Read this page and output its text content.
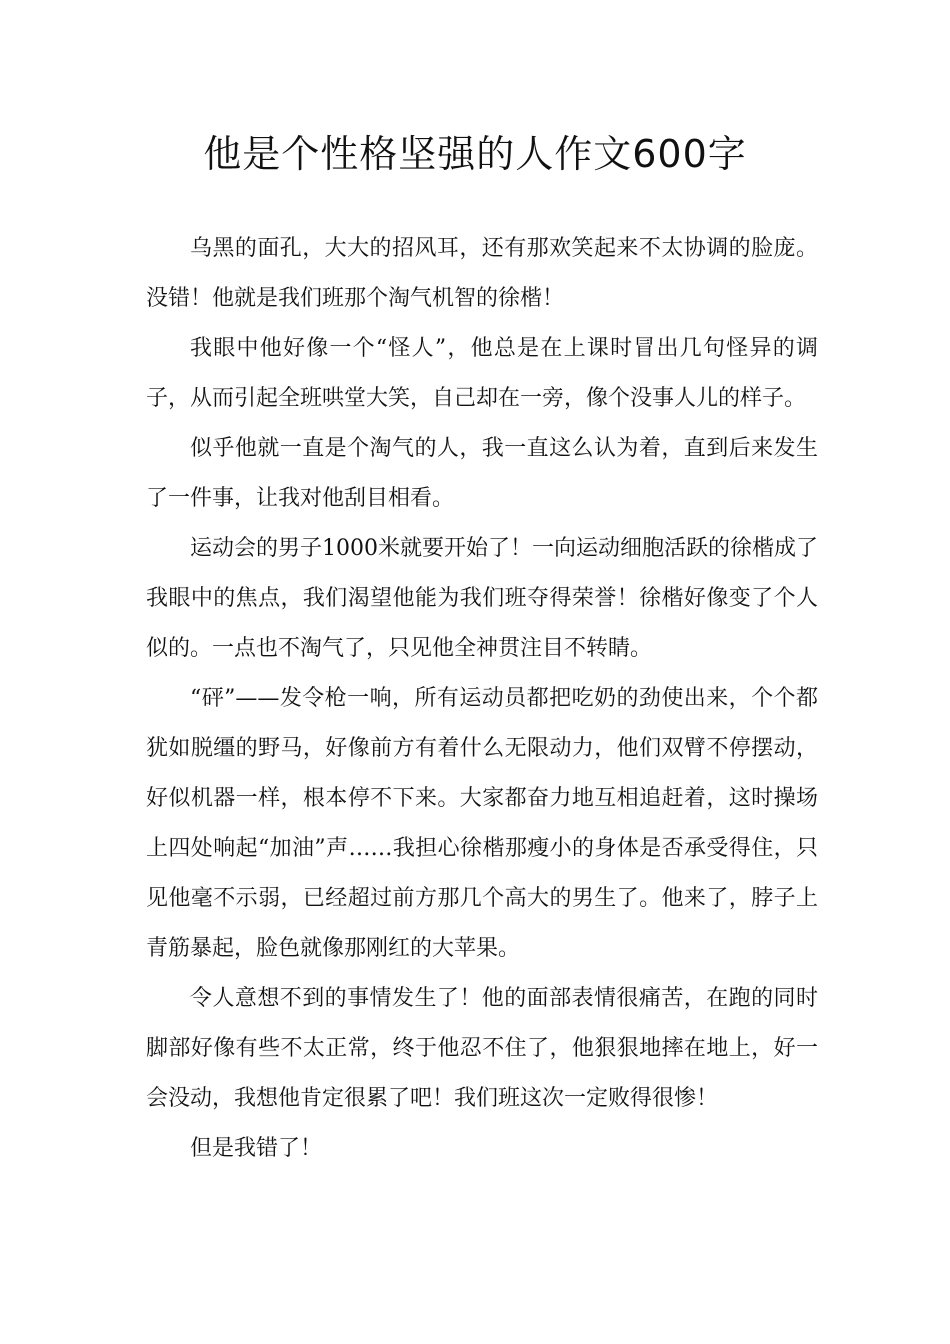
他是个性格坚强的人作文600字

乌黑的面孔，大大的招风耳，还有那欢笑起来不太协调的脸庞。没错！他就是我们班那个淘气机智的徐楷！

我眼中他好像一个“怪人”，他总是在上课时冒出几句怪异的调子，从而引起全班哄堂大笑，自己却在一旁，像个没事人儿的样子。

似乎他就一直是个淘气的人，我一直这么认为着，直到后来发生了一件事，让我对他刮目相看。

运动会的男子1000米就要开始了！一向运动细胞活跃的徐楷成了我眼中的焦点，我们渴望他能为我们班夺得荣誉！徐楷好像变了个人似的。一点也不淘气了，只见他全神贯注目不转睛。

“砰”——发令枪一响，所有运动员都把吃奶的劲使出来，个个都犹如脱缰的野马，好像前方有着什么无限动力，他们双臂不停摆动，好似机器一样，根本停不下来。大家都奋力地互相追赶着，这时操场上四处响起“加油”声……我担心徐楷那瘦小的身体是否承受得住，只见他毫不示弱，已经超过前方那几个高大的男生了。他来了，脖子上青筋暴起，脸色就像那刚红的大苹果。

令人意想不到的事情发生了！他的面部表情很痛苦，在跑的同时脚部好像有些不太正常，终于他忍不住了，他狠狠地摔在地上，好一会没动，我想他肯定很累了吧！我们班这次一定败得很惨！

但是我错了！
